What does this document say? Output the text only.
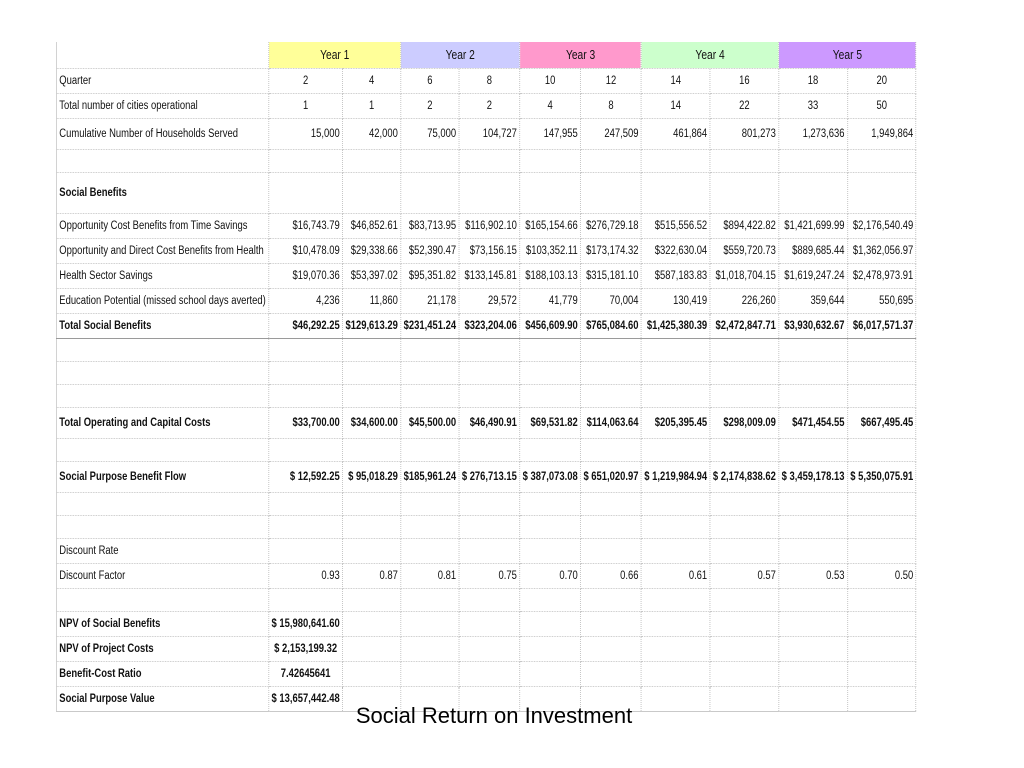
	Year 1		Year 2		Year 3		Year 4		Year 5	
Quarter	2	4	6	8	10	12	14	16	18	20
Total number of cities operational	1	1	2	2	4	8	14	22	33	50
Cumulative Number of Households Served	15,000	42,000	75,000	104,727	147,955	247,509	461,864	801,273	1,273,636	1,949,864

Social Benefits										
Opportunity Cost Benefits from Time Savings	$16,743.79	$46,852.61	$83,713.95	$116,902.10	$165,154.66	$276,729.18	$515,556.52	$894,422.82	$1,421,699.99	$2,176,540.49
Opportunity and Direct Cost Benefits from Health	$10,478.09	$29,338.66	$52,390.47	$73,156.15	$103,352.11	$173,174.32	$322,630.04	$559,720.73	$889,685.44	$1,362,056.97
Health Sector Savings	$19,070.36	$53,397.02	$95,351.82	$133,145.81	$188,103.13	$315,181.10	$587,183.83	$1,018,704.15	$1,619,247.24	$2,478,973.91
Education Potential (missed school days averted)	4,236	11,860	21,178	29,572	41,779	70,004	130,419	226,260	359,644	550,695
Total Social Benefits	$46,292.25	$129,613.29	$231,451.24	$323,204.06	$456,609.90	$765,084.60	$1,425,380.39	$2,472,847.71	$3,930,632.67	$6,017,571.37

Total Operating and Capital Costs	$33,700.00	$34,600.00	$45,500.00	$46,490.91	$69,531.82	$114,063.64	$205,395.45	$298,009.09	$471,454.55	$667,495.45

Social Purpose Benefit Flow	$ 12,592.25	$ 95,018.29	$185,961.24	$ 276,713.15	$ 387,073.08	$ 651,020.97	$ 1,219,984.94	$ 2,174,838.62	$ 3,459,178.13	$ 5,350,075.91

Discount Rate										
Discount Factor	0.93	0.87	0.81	0.75	0.70	0.66	0.61	0.57	0.53	0.50

NPV of Social Benefits	$ 15,980,641.60									
NPV of Project Costs	$ 2,153,199.32									
Benefit-Cost Ratio	7.42645641									
Social Purpose Value	$ 13,657,442.48									
Social Return on Investment
